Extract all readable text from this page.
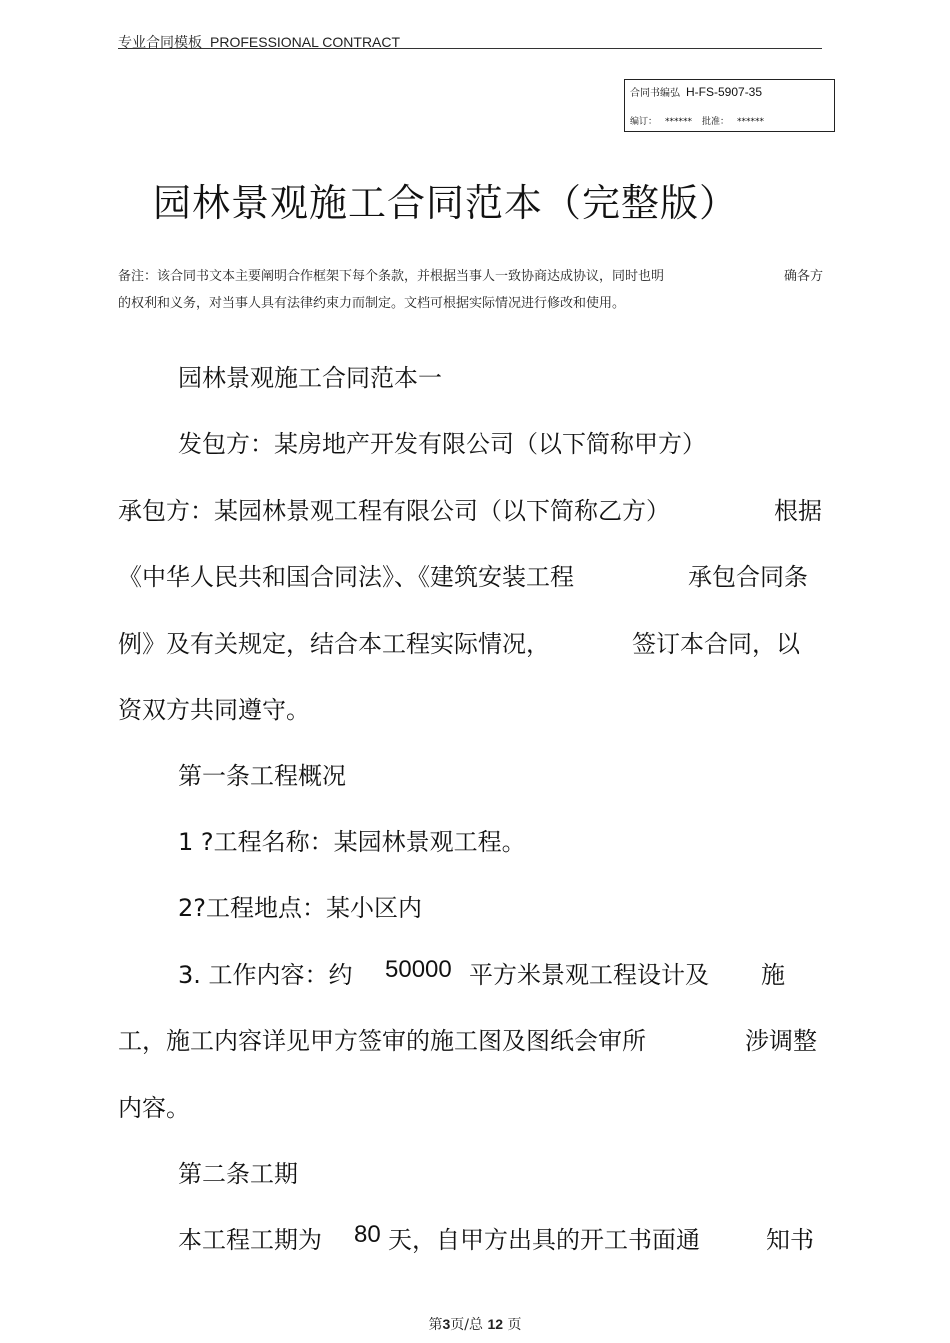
专业合同模板 PROFESSIONAL CONTRACT
合同书编弘 H-FS-5907-35
编订： ****** 批准： ******
园林景观施工合同范本（完整版）
备注：该合同书文本主要阐明合作框架下每个条款，并根据当事人一致协商达成协议，同时也明	确各方
的权利和义务，对当事人具有法律约束力而制定。文档可根据实际情况进行修改和使用。
园林景观施工合同范本一
发包方：某房地产开发有限公司（以下简称甲方）
承包方：某园林景观工程有限公司（以下简称乙方）	根据
《中华人民共和国合同法》、《建筑安装工程	承包合同条
例》及有关规定，结合本工程实际情况，	签订本合同，以
资双方共同遵守。
第一条工程概况
1 ?工程名称：某园林景观工程。
2?工程地点：某小区内
3. 工作内容：约 50000 平方米景观工程设计及 施
工，施工内容详见甲方签审的施工图及图纸会审所	涉调整
内容。
第二条工期
本工程工期为 80 天，自甲方出具的开工书面通	知书
第3页/总 12 页
